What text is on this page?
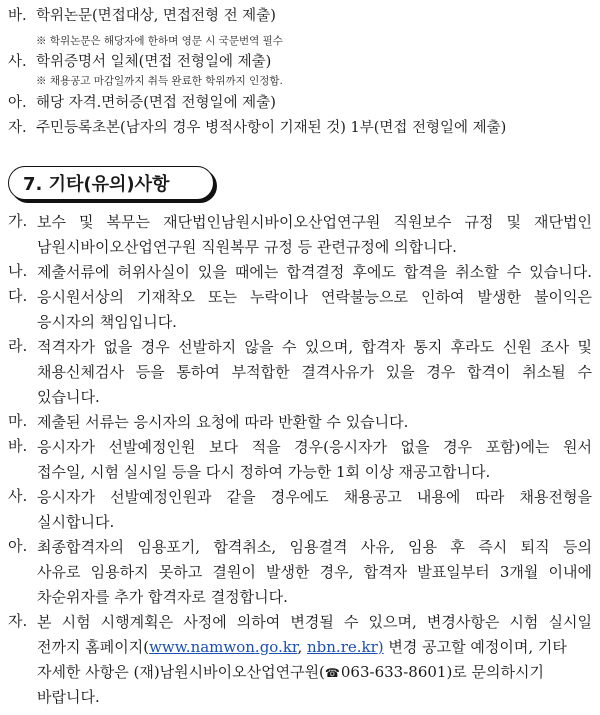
바. 학위논문(면접대상, 면접전형 전 제출)
※ 학위논문은 해당자에 한하며 영문 시 국문번역 필수
사. 학위증명서 일체(면접 전형일에 제출)
※ 채용공고 마감일까지 취득 완료한 학위까지 인정함.
아. 해당 자격.면허증(면접 전형일에 제출)
자. 주민등록초본(남자의 경우 병적사항이 기재된 것) 1부(면접 전형일에 제출)
7. 기타(유의)사항
가. 보수 및 복무는 재단법인남원시바이오산업연구원 직원보수 규정 및 재단법인
남원시바이오산업연구원 직원복무 규정 등 관련규정에 의합니다.
나. 제출서류에 허위사실이 있을 때에는 합격결정 후에도 합격을 취소할 수 있습니다.
다. 응시원서상의 기재착오 또는 누락이나 연락불능으로 인하여 발생한 불이익은
응시자의 책임입니다.
라. 적격자가 없을 경우 선발하지 않을 수 있으며, 합격자 통지 후라도 신원 조사 및
채용신체검사 등을 통하여 부적합한 결격사유가 있을 경우 합격이 취소될 수
있습니다.
마. 제출된 서류는 응시자의 요청에 따라 반환할 수 있습니다.
바. 응시자가 선발예정인원 보다 적을 경우(응시자가 없을 경우 포함)에는 원서
접수일, 시험 실시일 등을 다시 정하여 가능한 1회 이상 재공고합니다.
사. 응시자가 선발예정인원과 같을 경우에도 채용공고 내용에 따라 채용전형을
실시합니다.
아. 최종합격자의 임용포기, 합격취소, 임용결격 사유, 임용 후 즉시 퇴직 등의
사유로 임용하지 못하고 결원이 발생한 경우, 합격자 발표일부터 3개월 이내에
차순위자를 추가 합격자로 결정합니다.
자. 본 시험 시행계획은 사정에 의하여 변경될 수 있으며, 변경사항은 시험 실시일
전까지 홈페이지(www.namwon.go.kr, nbn.re.kr) 변경 공고할 예정이며, 기타
자세한 사항은 (재)남원시바이오산업연구원(☎063-633-8601)로 문의하시기
바랍니다.
